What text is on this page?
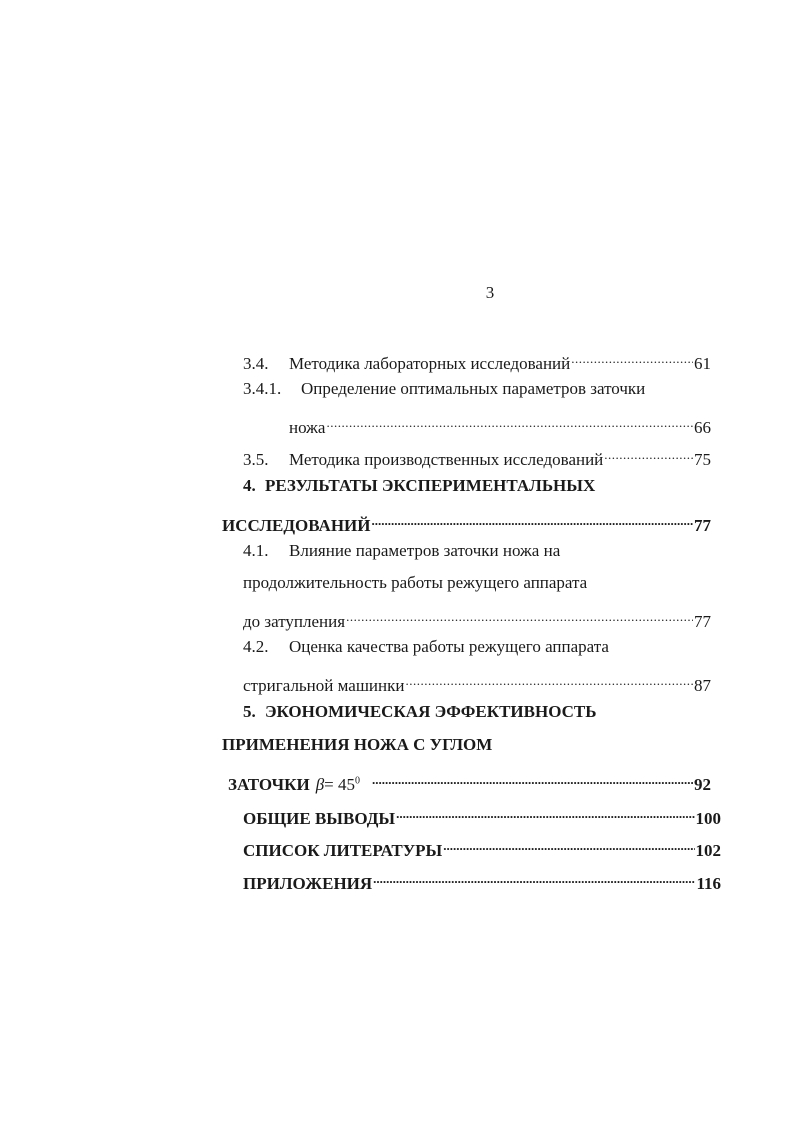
3
3.4.	Методика лабораторных исследований .....	61
3.4.1.	Определение оптимальных параметров заточки
ножа .....	66
3.5.	Методика производственных исследований .....	75
4. РЕЗУЛЬТАТЫ ЭКСПЕРИМЕНТАЛЬНЫХ
ИССЛЕДОВАНИЙ .....	77
4.1.	Влияние параметров заточки ножа на
продолжительность работы режущего аппарата
до затупления .....	77
4.2.	Оценка качества работы режущего аппарата
стригальной машинки .....	87
5. ЭКОНОМИЧЕСКАЯ ЭФФЕКТИВНОСТЬ
ПРИМЕНЕНИЯ НОЖА С УГЛОМ
ЗАТОЧКИ $\beta = 45^0$ .....	92
ОБЩИЕ ВЫВОДЫ .....	100
СПИСОК ЛИТЕРАТУРЫ .....	102
ПРИЛОЖЕНИЯ .....	116
